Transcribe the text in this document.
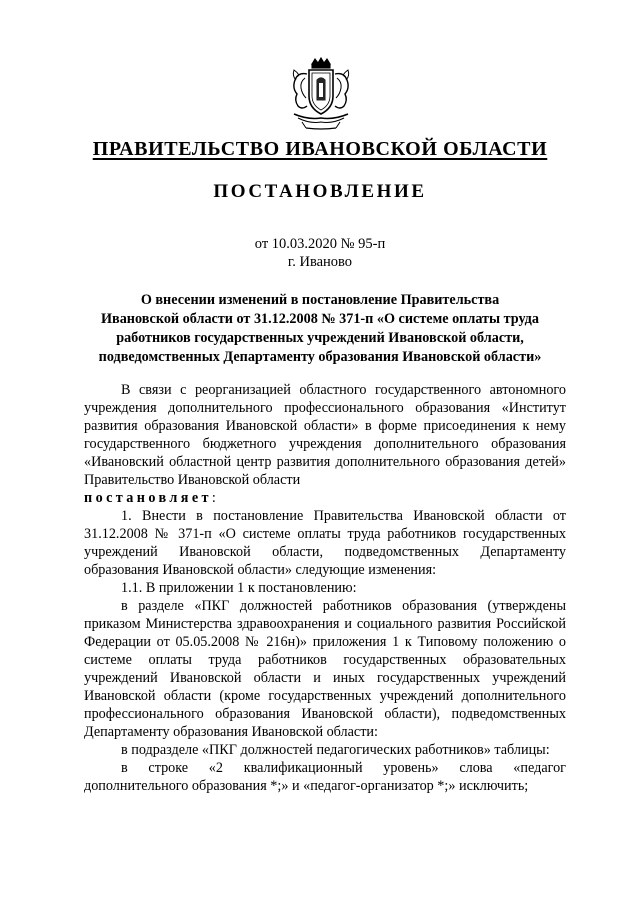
ПРАВИТЕЛЬСТВО ИВАНОВСКОЙ ОБЛАСТИ
ПОСТАНОВЛЕНИЕ
от 10.03.2020 № 95-п
г. Иваново
О внесении изменений в постановление Правительства
Ивановской области от 31.12.2008 № 371-п «О системе оплаты труда
работников государственных учреждений Ивановской области,
подведомственных Департаменту образования Ивановской области»

В связи с реорганизацией областного государственного автономного учреждения дополнительного профессионального образования «Институт развития образования Ивановской области» в форме присоединения к нему государственного бюджетного учреждения дополнительного образования «Ивановский областной центр развития дополнительного образования детей» Правительство Ивановской области

постановляет:

1. Внести в постановление Правительства Ивановской области от 31.12.2008 № 371-п «О системе оплаты труда работников государственных учреждений Ивановской области, подведомственных Департаменту образования Ивановской области» следующие изменения:

1.1. В приложении 1 к постановлению:

в разделе «ПКГ должностей работников образования (утверждены приказом Министерства здравоохранения и социального развития Российской Федерации от 05.05.2008 № 216н)» приложения 1 к Типовому положению о системе оплаты труда работников государственных образовательных учреждений Ивановской области и иных государственных учреждений Ивановской области (кроме государственных учреждений дополнительного профессионального образования Ивановской области), подведомственных Департаменту образования Ивановской области:

в подразделе «ПКГ должностей педагогических работников» таблицы:

в строке «2 квалификационный уровень» слова «педагог дополнительного образования *;» и «педагог-организатор *;» исключить;
